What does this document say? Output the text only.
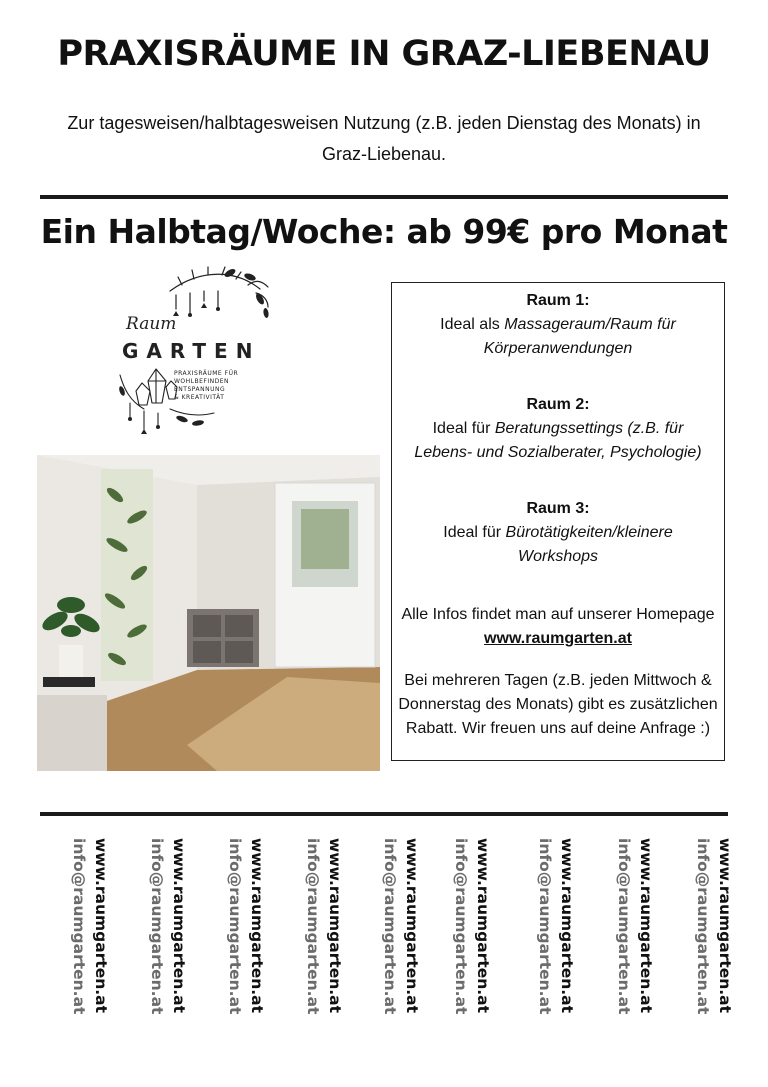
PRAXISRÄUME IN GRAZ-LIEBENAU
Zur tagesweisen/halbtagesweisen Nutzung (z.B. jeden Dienstag des Monats) in
Graz-Liebenau.
Ein Halbtag/Woche: ab 99€ pro Monat
Raum
GARTEN
PRAXISRÄUME FÜR
WOHLBEFINDEN
ENTSPANNUNG
& KREATIVITÄT

Raum 1:

Ideal als Massageraum/Raum für

Körperanwendungen

Raum 2:

Ideal für Beratungssettings (z.B. für

Lebens- und Sozialberater, Psychologie)

Raum 3:

Ideal für Bürotätigkeiten/kleinere

Workshops

Alle Infos findet man auf unserer Homepage

www.raumgarten.at

Bei mehreren Tagen (z.B. jeden Mittwoch &

Donnerstag des Monats) gibt es zusätzlichen

Rabatt. Wir freuen uns auf deine Anfrage :)

www.raumgarten.at
info@raumgarten.at	www.raumgarten.at
info@raumgarten.at	www.raumgarten.at
info@raumgarten.at	www.raumgarten.at
info@raumgarten.at	www.raumgarten.at
info@raumgarten.at	www.raumgarten.at
info@raumgarten.at	www.raumgarten.at
info@raumgarten.at	www.raumgarten.at
info@raumgarten.at	www.raumgarten.at
info@raumgarten.at
